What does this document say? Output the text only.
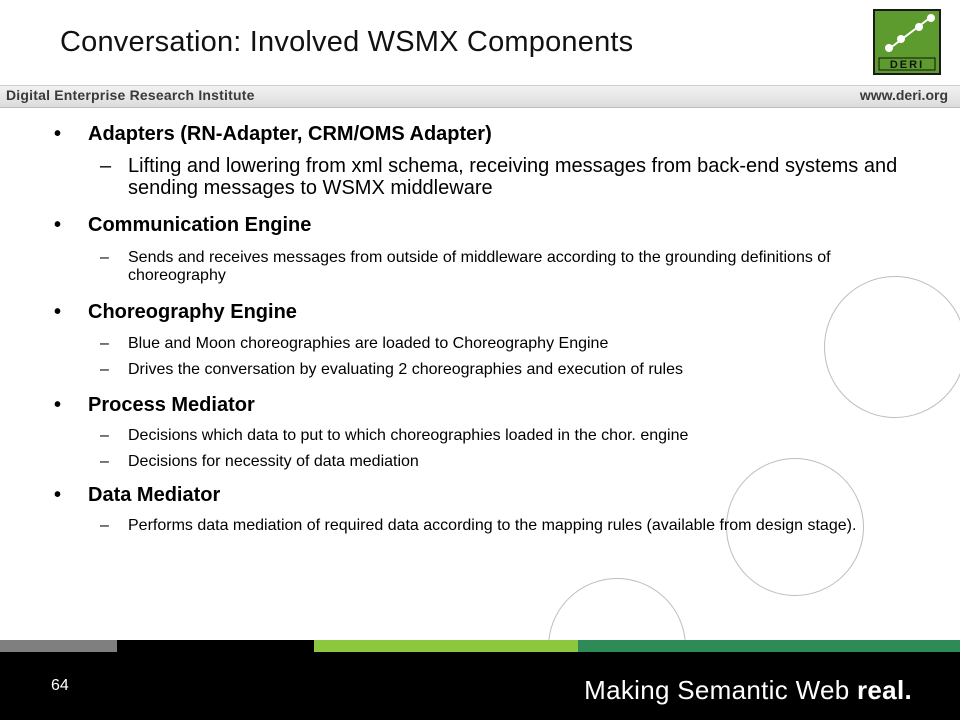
Conversation: Involved WSMX Components
DERI
Digital Enterprise Research Institute	www.deri.org
• Adapters (RN-Adapter, CRM/OMS Adapter)
– Lifting and lowering from xml schema, receiving messages from back-end systems and sending messages to WSMX middleware
• Communication Engine
– Sends and receives messages from outside of middleware according to the grounding definitions of choreography
• Choreography Engine
– Blue and Moon choreographies are loaded to Choreography Engine
– Drives the conversation by evaluating 2 choreographies and execution of rules
• Process Mediator
– Decisions which data to put to which choreographies loaded in the chor. engine
– Decisions for necessity of data mediation
• Data Mediator
– Performs data mediation of required data according to the mapping rules (available from design stage).
64	Making Semantic Web real.
